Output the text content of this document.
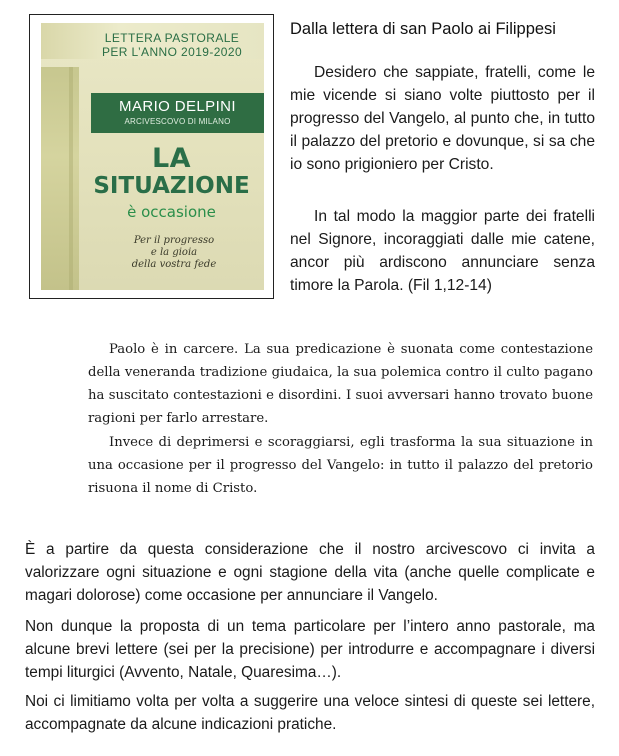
LETTERA PASTORALE
PER L’ANNO 2019-2020
MARIO DELPINI
ARCIVESCOVO DI MILANO
LA
SITUAZIONE
è occasione
Per il progresso
e la gioia
della vostra fede
Dalla lettera di san Paolo ai Filippesi

Desidero che sappiate, fratelli, come le mie vicende si siano volte piuttosto per il progresso del Vangelo, al punto che, in tutto il palazzo del pretorio e dovunque, si sa che io sono prigioniero per Cristo.

In tal modo la maggior parte dei fratelli nel Signore, incoraggiati dalle mie catene, ancor più ardiscono annunciare senza timore la Parola. (Fil 1,12-14)

Paolo è in carcere. La sua predicazione è suonata come contestazione della veneranda tradizione giudaica, la sua polemica contro il culto pagano ha suscitato contestazioni e disordini. I suoi avversari hanno trovato buone ragioni per farlo arrestare.

Invece di deprimersi e scoraggiarsi, egli trasforma la sua situazione in una occasione per il progresso del Vangelo: in tutto il palazzo del pretorio risuona il nome di Cristo.

È a partire da questa considerazione che il nostro arcivescovo ci invita a valorizzare ogni situazione e ogni stagione della vita (anche quelle complicate e magari dolorose) come occasione per annunciare il Vangelo.

Non dunque la proposta di un tema particolare per l’intero anno pastorale, ma alcune brevi lettere (sei per la precisione) per introdurre e accompagnare i diversi tempi liturgici (Avvento, Natale, Quaresima…).

Noi ci limitiamo volta per volta a suggerire una veloce sintesi di queste sei lettere, accompagnate da alcune indicazioni pratiche.
